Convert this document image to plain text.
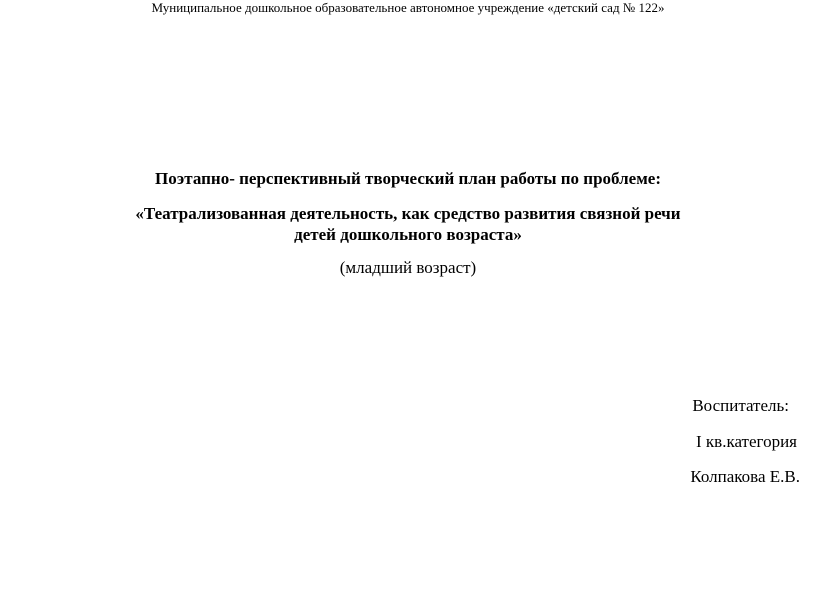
Муниципальное дошкольное образовательное автономное учреждение «детский сад № 122»
Поэтапно- перспективный творческий план работы по проблеме:
«Театрализованная деятельность, как средство развития связной речи
детей дошкольного возраста»
(младший возраст)
Воспитатель:
I кв.категория
Колпакова Е.В.
